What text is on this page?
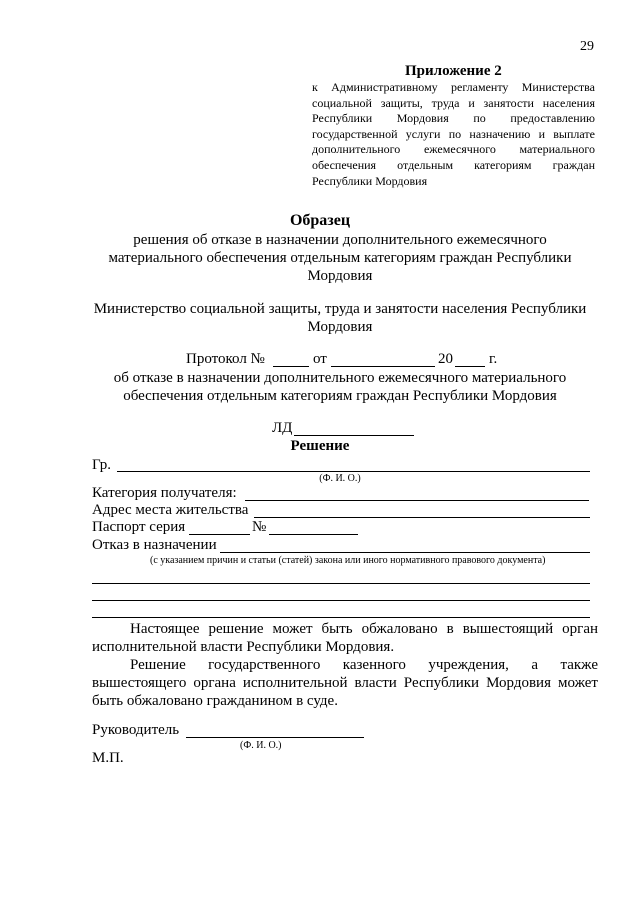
29
Приложение 2
к Административному регламенту Министерства социальной защиты, труда и занятости населения Республики Мордовия по предоставлению государственной услуги по назначению и выплате дополнительного ежемесячного материального обеспечения отдельным категориям граждан Республики Мордовия
Образец
решения об отказе в назначении дополнительного ежемесячного
материального обеспечения отдельным категориям граждан Республики
Мордовия
Министерство социальной защиты, труда и занятости населения Республики
Мордовия
Протокол №	от	20 г.
об отказе в назначении дополнительного ежемесячного материального
обеспечения отдельным категориям граждан Республики Мордовия
ЛД
Решение
Гр.
(Ф. И. О.)
Категория получателя:
Адрес места жительства
Паспорт серия	№
Отказ в назначении
(с указанием причин и статьи (статей) закона или иного нормативного правового документа)
Настоящее решение может быть обжаловано в вышестоящий орган
исполнительной власти Республики Мордовия.
Решение государственного казенного учреждения, а также
вышестоящего органа исполнительной власти Республики Мордовия может
быть обжаловано гражданином в суде.
Руководитель
(Ф. И. О.)
М.П.
